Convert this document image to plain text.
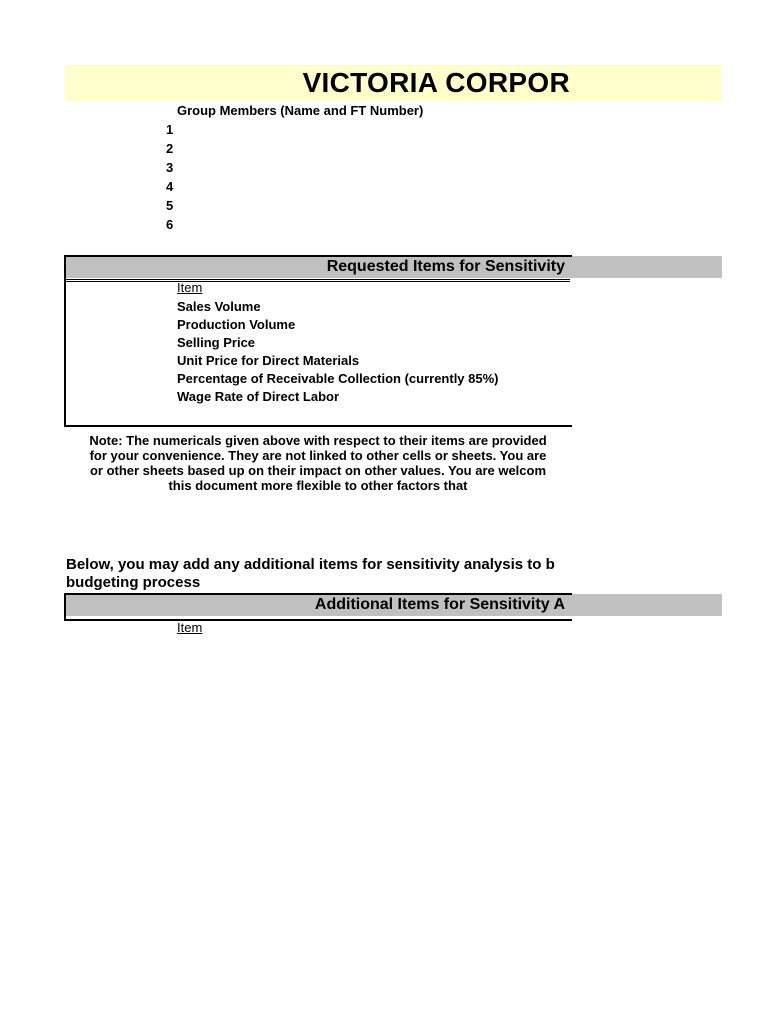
VICTORIA CORPOR
Group Members (Name and FT Number)
1
2
3
4
5
6
Requested Items for Sensitivity
Item
Sales Volume
Production Volume
Selling Price
Unit Price for Direct Materials
Percentage of Receivable Collection (currently 85%)
Wage Rate of Direct Labor
Note: The numericals given above with respect to their items are provided
for your convenience. They are not linked to other cells or sheets. You are
or other sheets based up on their impact on other values. You are welcom
this document more flexible to other factors that
Below, you may add any additional items for sensitivity analysis to b
budgeting process
Additional Items for Sensitivity A
Item
